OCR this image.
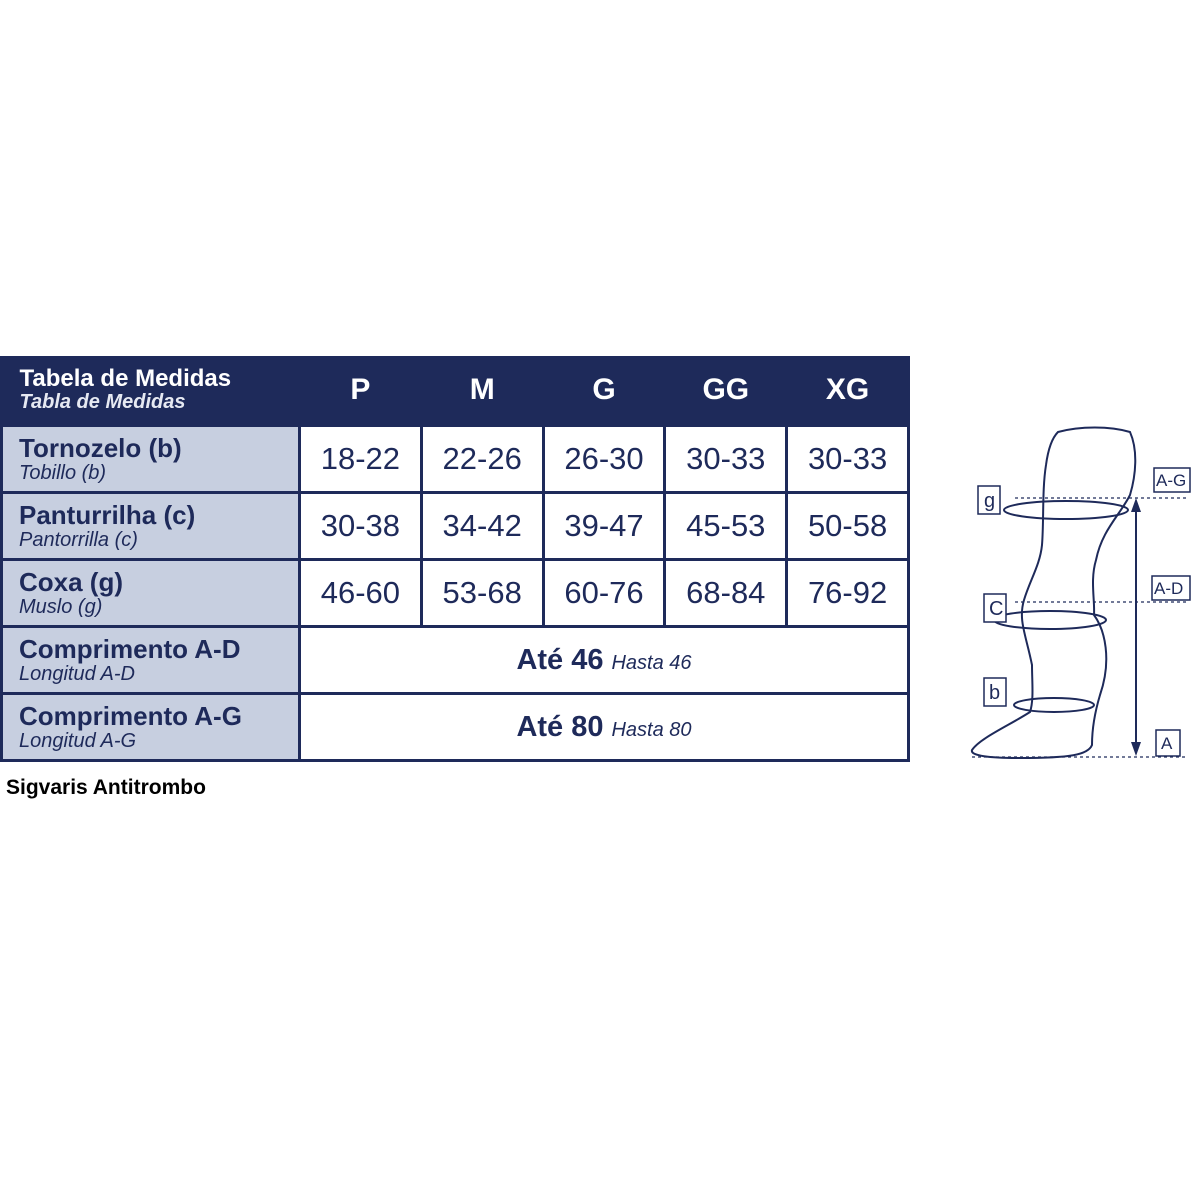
Tabela de Medidas
Tabla de Medidas	P	M	G	GG	XG

Tornozelo (b)
Tobillo (b)	18-22	22-26	26-30	30-33	30-33

Panturrilha (c)
Pantorrilla (c)	30-38	34-42	39-47	45-53	50-58

Coxa (g)
Muslo (g)	46-60	53-68	60-76	68-84	76-92

Comprimento A-D
Longitud A-D	Até 46 Hasta 46				

Comprimento A-G
Longitud A-G	Até 80 Hasta 80				
Sigvaris Antitrombo
g
C
b
A-G
A-D
A
